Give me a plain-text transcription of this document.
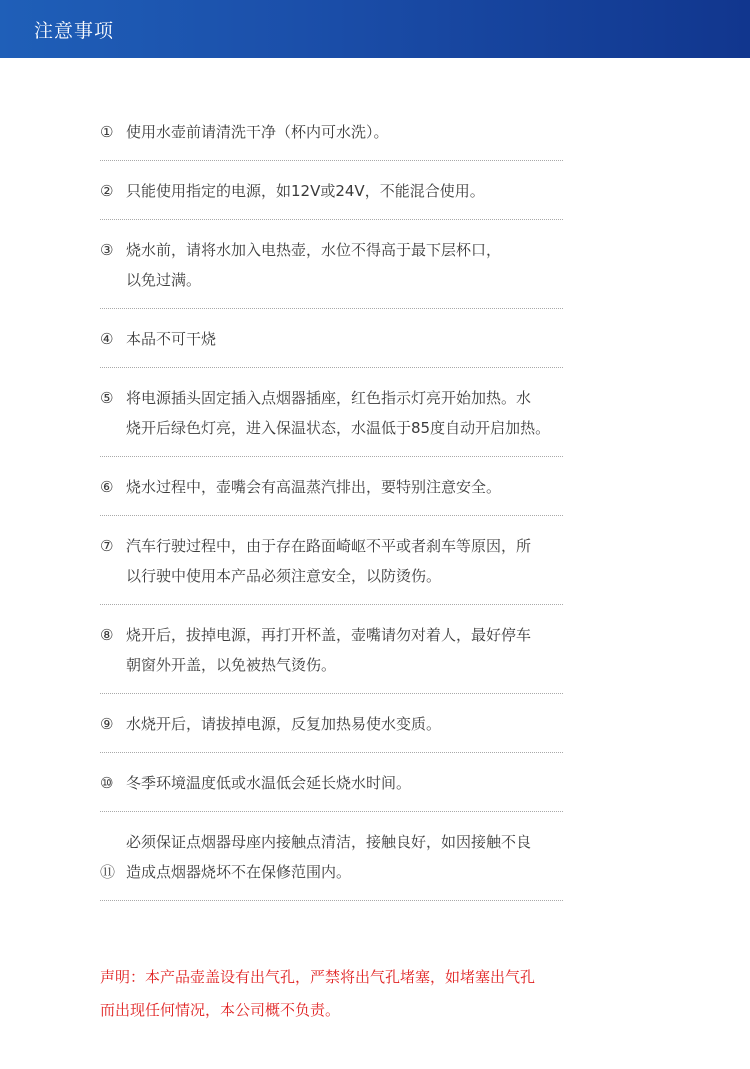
注意事项
① 使用水壶前请清洗干净（杯内可水洗）。
② 只能使用指定的电源，如12V或24V，不能混合使用。
③ 烧水前，请将水加入电热壶，水位不得高于最下层杯口，
以免过满。
④ 本品不可干烧
⑤ 将电源插头固定插入点烟器插座，红色指示灯亮开始加热。水
烧开后绿色灯亮，进入保温状态，水温低于85度自动开启加热。
⑥ 烧水过程中，壶嘴会有高温蒸汽排出，要特别注意安全。
⑦ 汽车行驶过程中，由于存在路面崎岖不平或者刹车等原因，所
以行驶中使用本产品必须注意安全，以防烫伤。
⑧ 烧开后，拔掉电源，再打开杯盖，壶嘴请勿对着人，最好停车
朝窗外开盖，以免被热气烫伤。
⑨ 水烧开后，请拔掉电源，反复加热易使水变质。
⑩ 冬季环境温度低或水温低会延长烧水时间。
必须保证点烟器母座内接触点清洁，接触良好，如因接触不良
⑪ 造成点烟器烧坏不在保修范围内。
声明：本产品壶盖设有出气孔，严禁将出气孔堵塞，如堵塞出气孔
而出现任何情况，本公司概不负责。
